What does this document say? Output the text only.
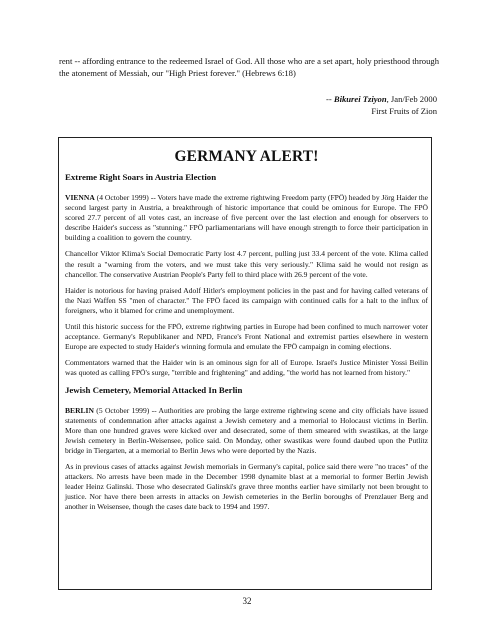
rent -- affording entrance to the redeemed Israel of God. All those who are a set apart, holy priesthood through the atonement of Messiah, our "High Priest forever." (Hebrews 6:18)
-- Bikurei Tziyon, Jan/Feb 2000
First Fruits of Zion
GERMANY ALERT!
Extreme Right Soars in Austria Election

VIENNA (4 October 1999) -- Voters have made the extreme rightwing Freedom party (FPÖ) headed by Jörg Haider the second largest party in Austria, a breakthrough of historic importance that could be ominous for Europe. The FPÖ scored 27.7 percent of all votes cast, an increase of five percent over the last election and enough for observers to describe Haider's success as "stunning." FPÖ parliamentarians will have enough strength to force their participation in building a coalition to govern the country.

Chancellor Viktor Klima's Social Democratic Party lost 4.7 percent, pulling just 33.4 percent of the vote. Klima called the result a "warning from the voters, and we must take this very seriously." Klima said he would not resign as chancellor. The conservative Austrian People's Party fell to third place with 26.9 percent of the vote.

Haider is notorious for having praised Adolf Hitler's employment policies in the past and for having called veterans of the Nazi Waffen SS "men of character." The FPÖ faced its campaign with continued calls for a halt to the influx of foreigners, who it blamed for crime and unemployment.

Until this historic success for the FPÖ, extreme rightwing parties in Europe had been confined to much narrower voter acceptance. Germany's Republikaner and NPD, France's Front National and extremist parties elsewhere in western Europe are expected to study Haider's winning formula and emulate the FPÖ campaign in coming elections.

Commentators warned that the Haider win is an ominous sign for all of Europe. Israel's Justice Minister Yossi Beilin was quoted as calling FPÖ's surge, "terrible and frightening" and adding, "the world has not learned from history."

Jewish Cemetery, Memorial Attacked In Berlin

BERLIN (5 October 1999) -- Authorities are probing the large extreme rightwing scene and city officials have issued statements of condemnation after attacks against a Jewish cemetery and a memorial to Holocaust victims in Berlin. More than one hundred graves were kicked over and desecrated, some of them smeared with swastikas, at the large Jewish cemetery in Berlin-Weisensee, police said. On Monday, other swastikas were found daubed upon the Putlitz bridge in Tiergarten, at a memorial to Berlin Jews who were deported by the Nazis.

As in previous cases of attacks against Jewish memorials in Germany's capital, police said there were "no traces" of the attackers. No arrests have been made in the December 1998 dynamite blast at a memorial to former Berlin Jewish leader Heinz Galinski. Those who desecrated Galinski's grave three months earlier have similarly not been brought to justice. Nor have there been arrests in attacks on Jewish cemeteries in the Berlin boroughs of Prenzlauer Berg and another in Weisensee, though the cases date back to 1994 and 1997.

32
